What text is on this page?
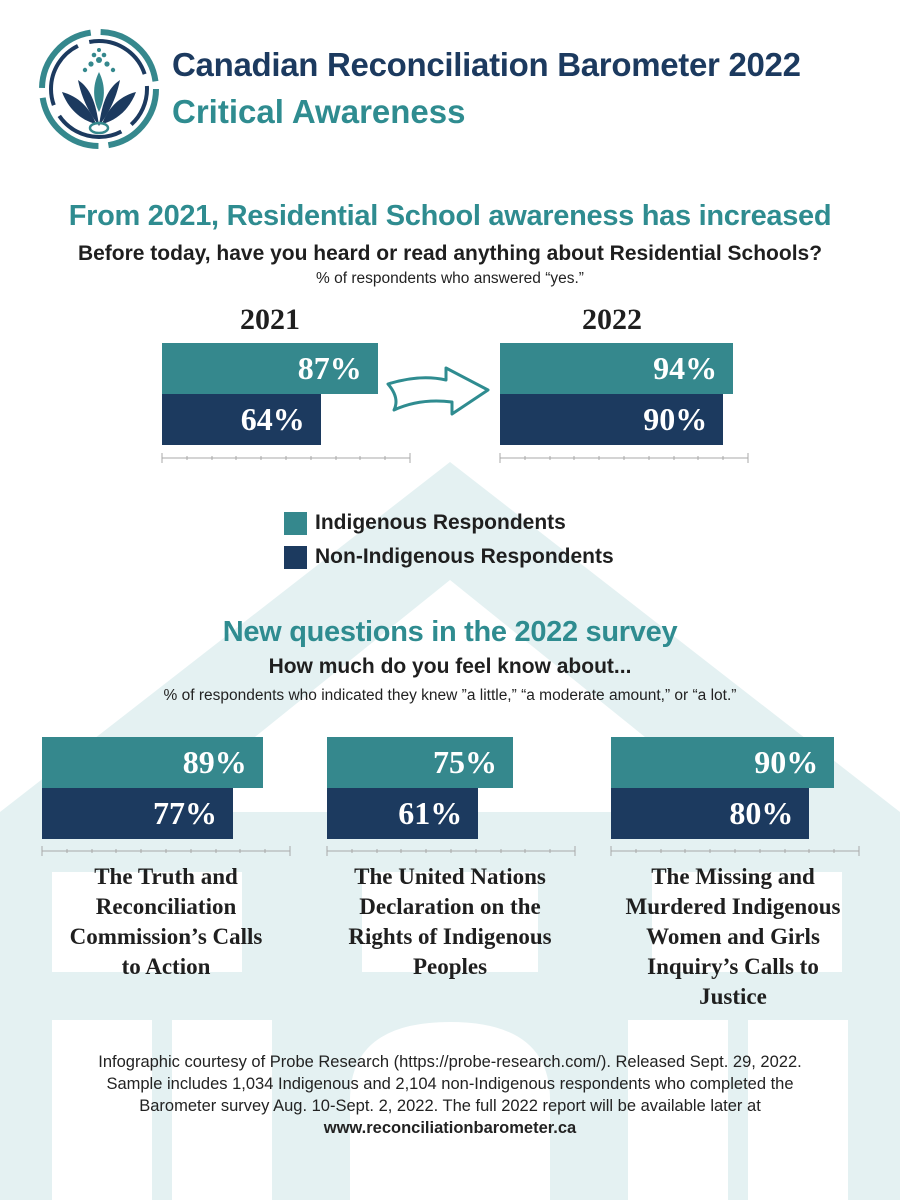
Canadian Reconciliation Barometer 2022
Critical Awareness
From 2021, Residential School awareness has increased
Before today, have you heard or read anything about Residential Schools?
% of respondents who answered “yes.”
2021
87%
64%
2022
94%
90%
Indigenous Respondents
Non-Indigenous Respondents
New questions in the 2022 survey
How much do you feel know about...
% of respondents who indicated they knew ”a little,” “a moderate amount,” or “a lot.”
89%
77%
The Truth and
Reconciliation
Commission’s Calls
to Action
75%
61%
The United Nations
Declaration on the
Rights of Indigenous
Peoples
90%
80%
The Missing and
Murdered Indigenous
Women and Girls
Inquiry’s Calls to
Justice
Infographic courtesy of Probe Research (https://probe-research.com/). Released Sept. 29, 2022.
Sample includes 1,034 Indigenous and 2,104 non-Indigenous respondents who completed the
Barometer survey Aug. 10-Sept. 2, 2022. The full 2022 report will be available later at
www.reconciliationbarometer.ca
